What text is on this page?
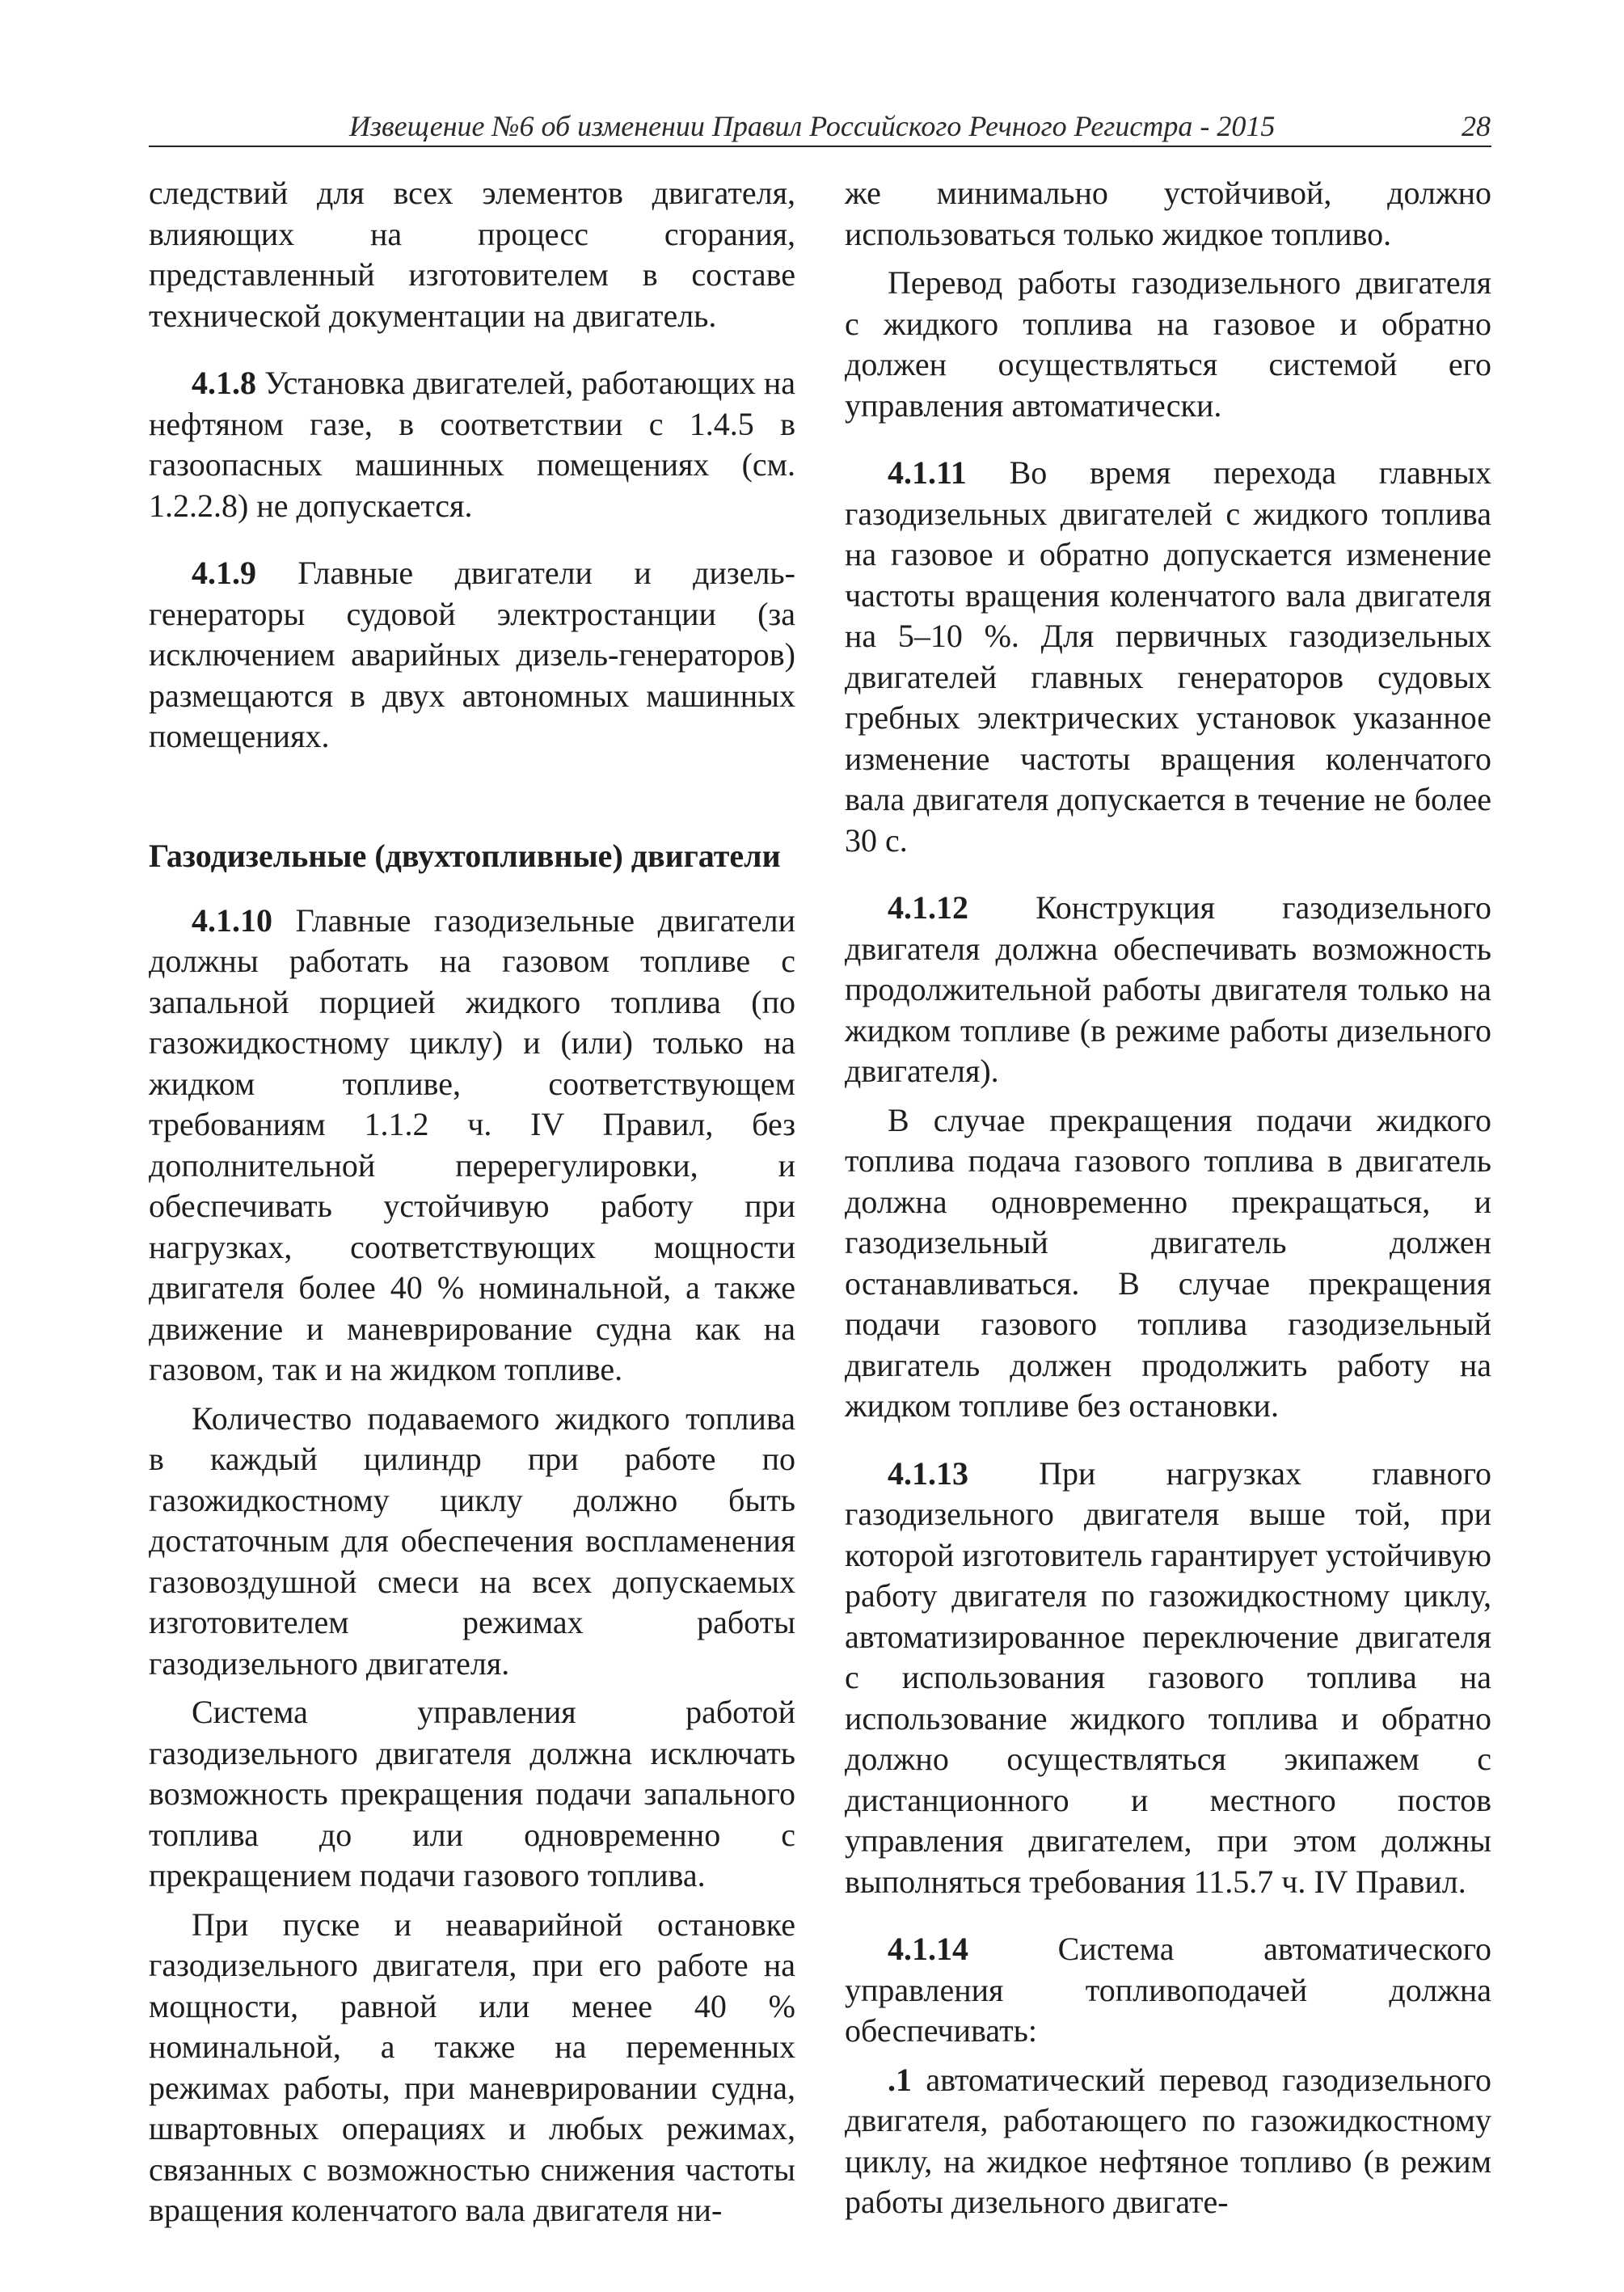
Извещение №6 об изменении Правил Российского Речного Регистра - 2015	28

следствий для всех элементов двигателя, влияющих на процесс сгорания, представленный изготовителем в составе технической документации на двигатель.

4.1.8 Установка двигателей, работающих на нефтяном газе, в соответствии с 1.4.5 в газоопасных машинных помещениях (см. 1.2.2.8) не допускается.

4.1.9 Главные двигатели и дизель-генераторы судовой электростанции (за исключением аварийных дизель-генераторов) размещаются в двух автономных машинных помещениях.

Газодизельные (двухтопливные) двигатели

4.1.10 Главные газодизельные двигатели должны работать на газовом топливе с запальной порцией жидкого топлива (по газожидкостному циклу) и (или) только на жидком топливе, соответствующем требованиям 1.1.2 ч. IV Правил, без дополнительной перерегулировки, и обеспечивать устойчивую работу при нагрузках, соответствующих мощности двигателя более 40 % номинальной, а также движение и маневрирование судна как на газовом, так и на жидком топливе.

Количество подаваемого жидкого топлива в каждый цилиндр при работе по газожидкостному циклу должно быть достаточным для обеспечения воспламенения газовоздушной смеси на всех допускаемых изготовителем режимах работы газодизельного двигателя.

Система управления работой газодизельного двигателя должна исключать возможность прекращения подачи запального топлива до или одновременно с прекращением подачи газового топлива.

При пуске и неаварийной остановке газодизельного двигателя, при его работе на мощности, равной или менее 40 % номинальной, а также на переменных режимах работы, при маневрировании судна, швартовных операциях и любых режимах, связанных с возможностью снижения частоты вращения коленчатого вала двигателя ни-

же минимально устойчивой, должно использоваться только жидкое топливо.

Перевод работы газодизельного двигателя с жидкого топлива на газовое и обратно должен осуществляться системой его управления автоматически.

4.1.11 Во время перехода главных газодизельных двигателей с жидкого топлива на газовое и обратно допускается изменение частоты вращения коленчатого вала двигателя на 5–10 %. Для первичных газодизельных двигателей главных генераторов судовых гребных электрических установок указанное изменение частоты вращения коленчатого вала двигателя допускается в течение не более 30 с.

4.1.12 Конструкция газодизельного двигателя должна обеспечивать возможность продолжительной работы двигателя только на жидком топливе (в режиме работы дизельного двигателя).

В случае прекращения подачи жидкого топлива подача газового топлива в двигатель должна одновременно прекращаться, и газодизельный двигатель должен останавливаться. В случае прекращения подачи газового топлива газодизельный двигатель должен продолжить работу на жидком топливе без остановки.

4.1.13 При нагрузках главного газодизельного двигателя выше той, при которой изготовитель гарантирует устойчивую работу двигателя по газожидкостному циклу, автоматизированное переключение двигателя с использования газового топлива на использование жидкого топлива и обратно должно осуществляться экипажем с дистанционного и местного постов управления двигателем, при этом должны выполняться требования 11.5.7 ч. IV Правил.

4.1.14 Система автоматического управления топливоподачей должна обеспечивать:

.1 автоматический перевод газодизельного двигателя, работающего по газожидкостному циклу, на жидкое нефтяное топливо (в режим работы дизельного двигате-
